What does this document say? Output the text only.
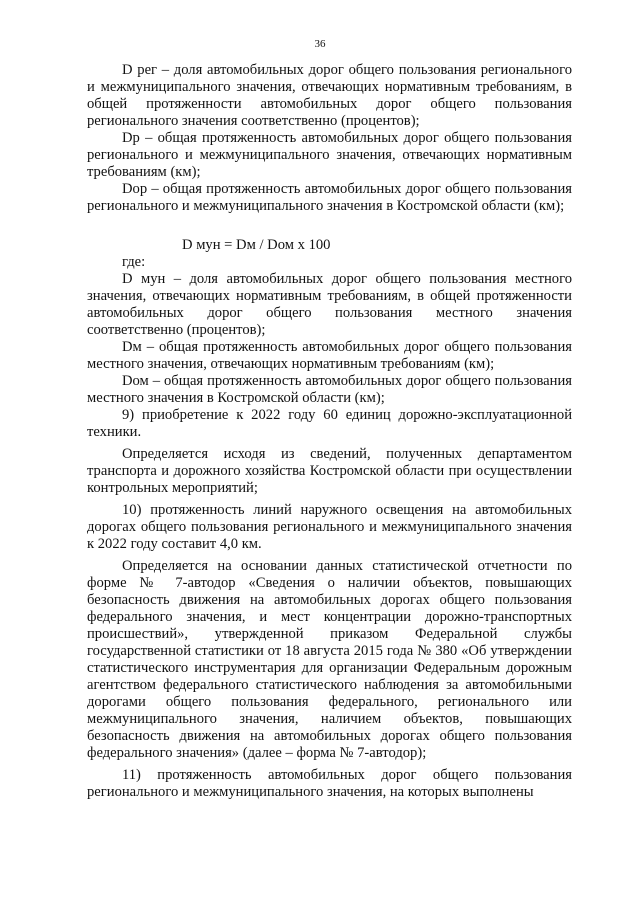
36

D рег – доля автомобильных дорог общего пользования регионального и межмуниципального значения, отвечающих нормативным требованиям, в общей протяженности автомобильных дорог общего пользования регионального значения соответственно (процентов);

Dр – общая протяженность автомобильных дорог общего пользования регионального и межмуниципального значения, отвечающих нормативным требованиям (км);

Dор – общая протяженность автомобильных дорог общего пользования регионального и межмуниципального значения в Костромской области (км);

D мун = Dм / Dом х 100

где:

D мун – доля автомобильных дорог общего пользования местного значения, отвечающих нормативным требованиям, в общей протяженности автомобильных дорог общего пользования местного значения соответственно (процентов);

Dм – общая протяженность автомобильных дорог общего пользования местного значения, отвечающих нормативным требованиям (км);

Dом – общая протяженность автомобильных дорог общего пользования местного значения в Костромской области (км);

9) приобретение к 2022 году 60 единиц дорожно-эксплуатационной техники.

Определяется исходя из сведений, полученных департаментом транспорта и дорожного хозяйства Костромской области при осуществлении контрольных мероприятий;

10) протяженность линий наружного освещения на автомобильных дорогах общего пользования регионального и межмуниципального значения к 2022 году составит 4,0 км.

Определяется на основании данных статистической отчетности по форме № 7-автодор «Сведения о наличии объектов, повышающих безопасность движения на автомобильных дорогах общего пользования федерального значения, и мест концентрации дорожно-транспортных происшествий», утвержденной приказом Федеральной службы государственной статистики от 18 августа 2015 года № 380 «Об утверждении статистического инструментария для организации Федеральным дорожным агентством федерального статистического наблюдения за автомобильными дорогами общего пользования федерального, регионального или межмуниципального значения, наличием объектов, повышающих безопасность движения на автомобильных дорогах общего пользования федерального значения» (далее – форма № 7-автодор);

11) протяженность автомобильных дорог общего пользования регионального и межмуниципального значения, на которых выполнены
